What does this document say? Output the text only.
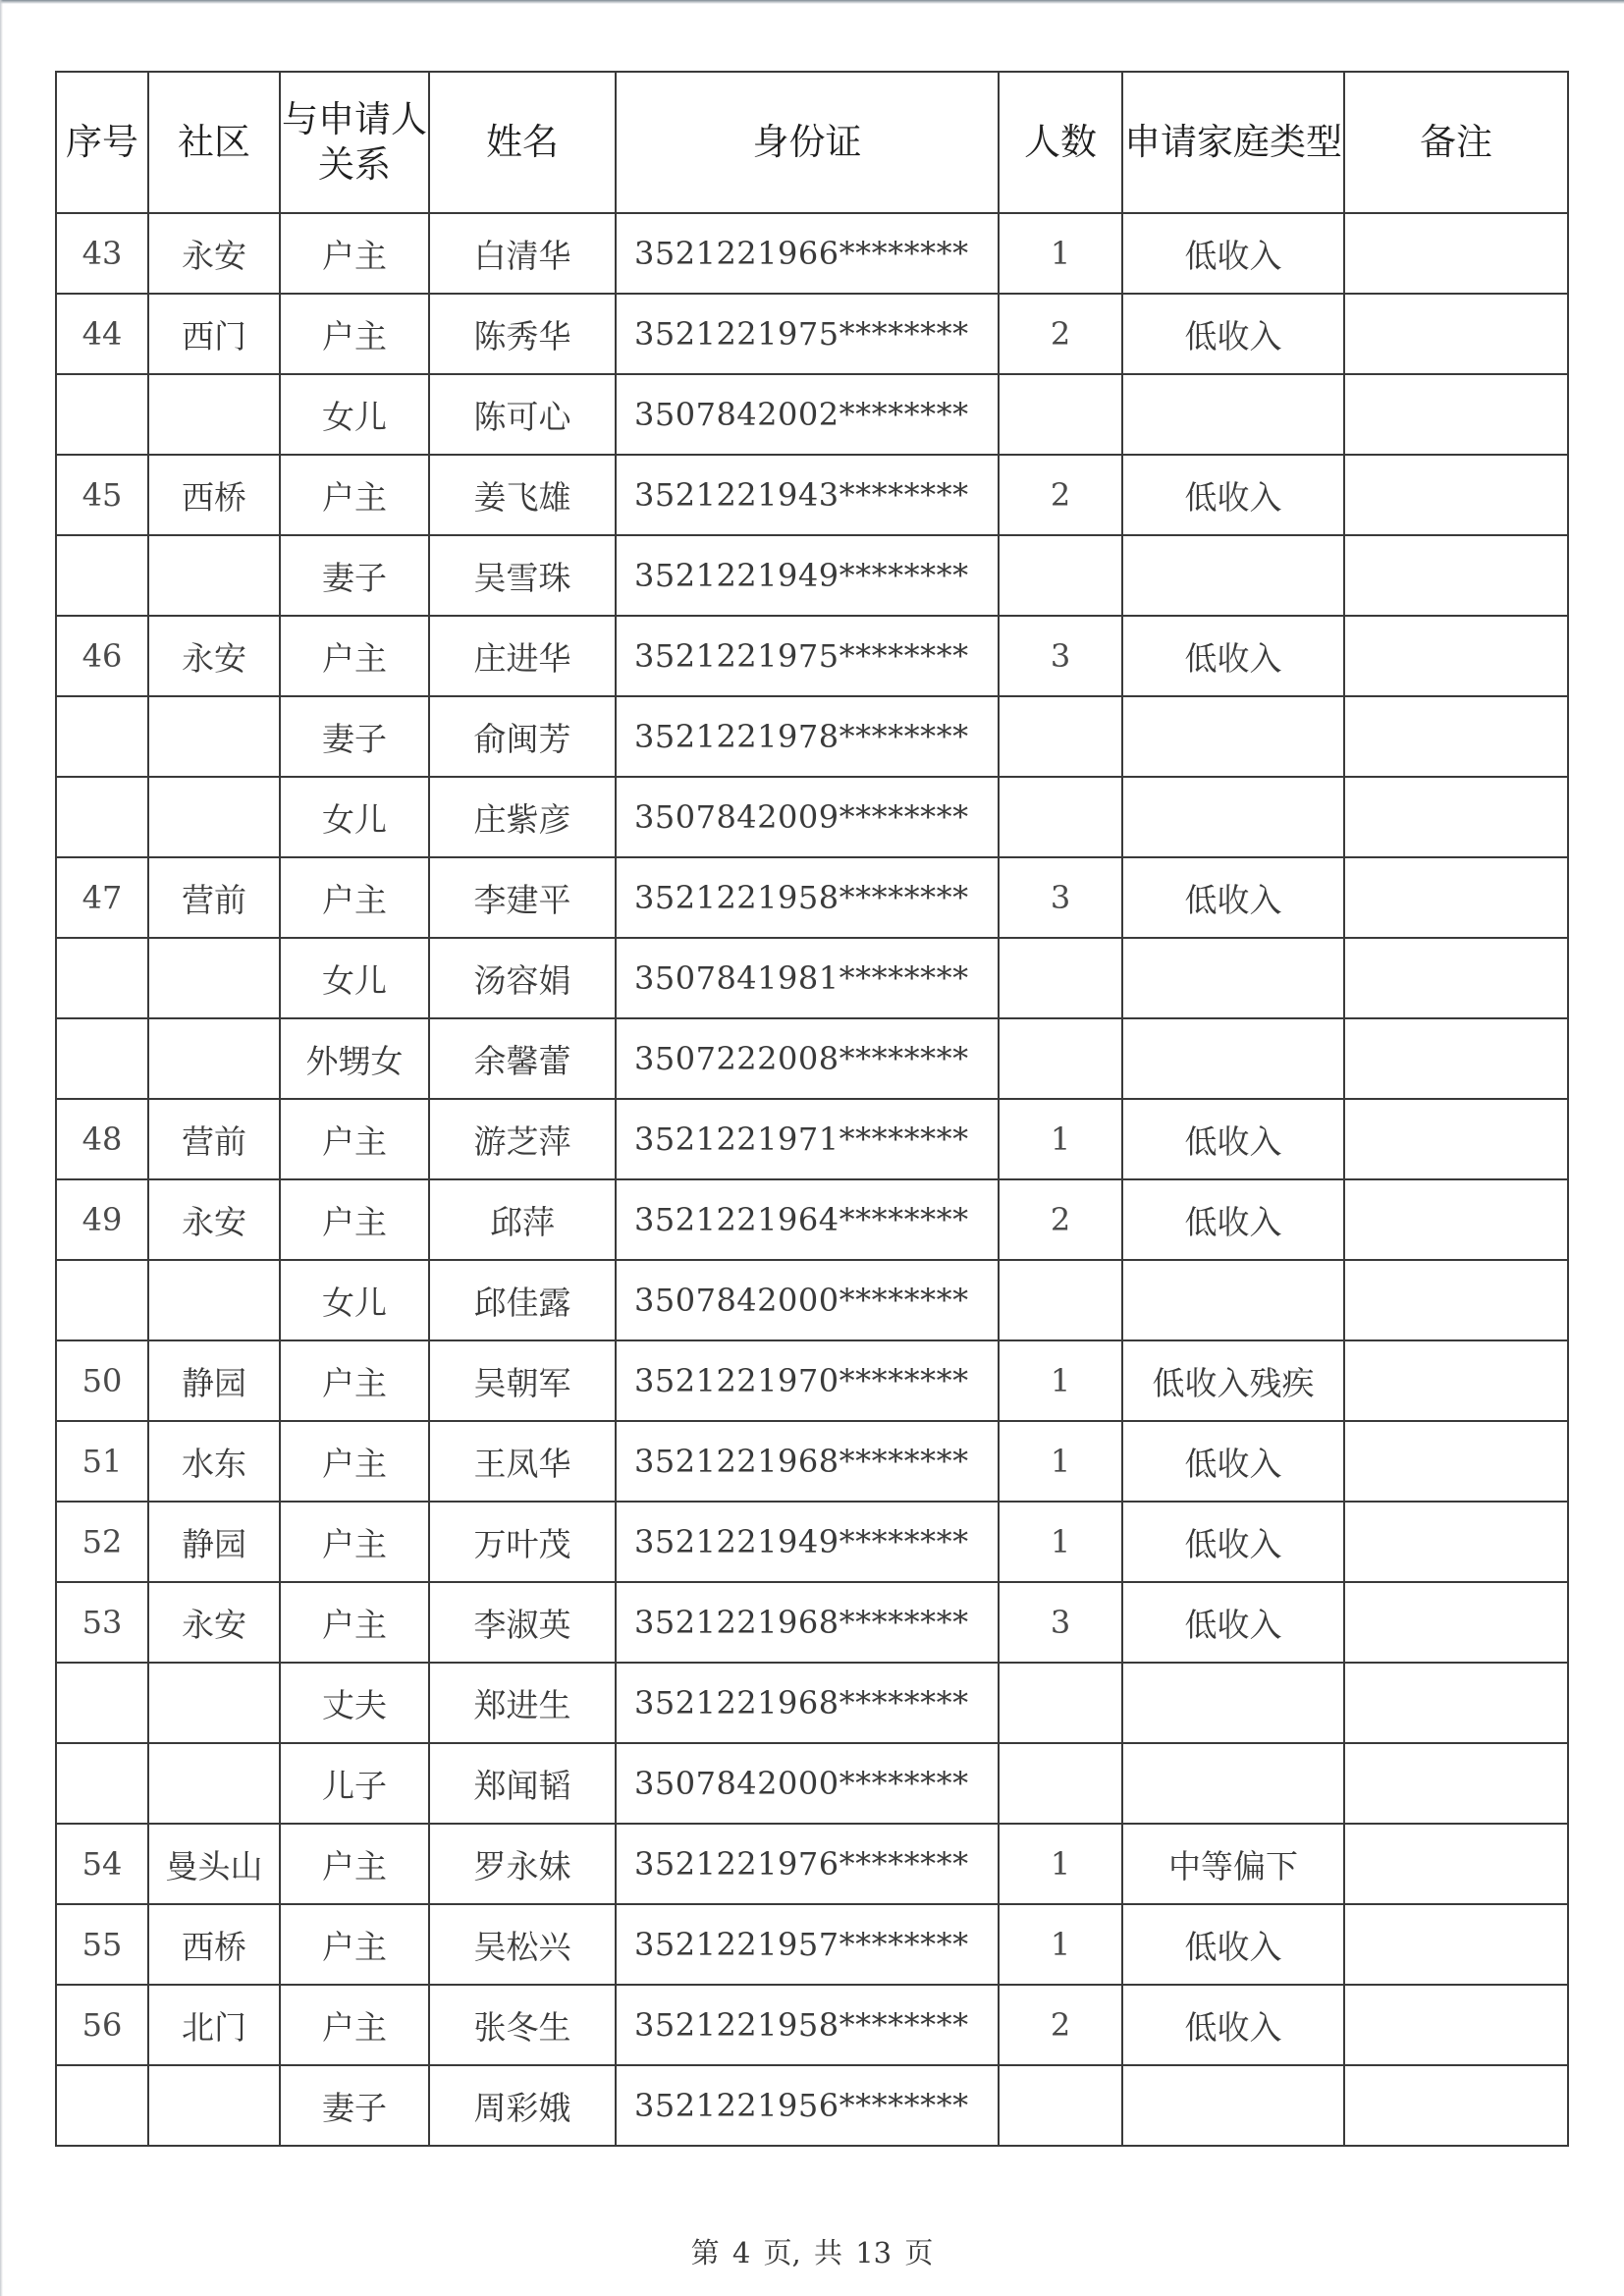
序号	社区	与申请人关系	姓名	身份证	人数	申请家庭类型	备注
43	永安	户主	白清华	3521221966********	1	低收入	
44	西门	户主	陈秀华	3521221975********	2	低收入	
		女儿	陈可心	3507842002********			
45	西桥	户主	姜飞雄	3521221943********	2	低收入	
		妻子	吴雪珠	3521221949********			
46	永安	户主	庄进华	3521221975********	3	低收入	
		妻子	俞闽芳	3521221978********			
		女儿	庄紫彦	3507842009********			
47	营前	户主	李建平	3521221958********	3	低收入	
		女儿	汤容娟	3507841981********			
		外甥女	余馨蕾	3507222008********			
48	营前	户主	游芝萍	3521221971********	1	低收入	
49	永安	户主	邱萍	3521221964********	2	低收入	
		女儿	邱佳露	3507842000********			
50	静园	户主	吴朝军	3521221970********	1	低收入残疾	
51	水东	户主	王凤华	3521221968********	1	低收入	
52	静园	户主	万叶茂	3521221949********	1	低收入	
53	永安	户主	李淑英	3521221968********	3	低收入	
		丈夫	郑进生	3521221968********			
		儿子	郑闻韬	3507842000********			
54	曼头山	户主	罗永妹	3521221976********	1	中等偏下	
55	西桥	户主	吴松兴	3521221957********	1	低收入	
56	北门	户主	张冬生	3521221958********	2	低收入	
		妻子	周彩娥	3521221956********			
第 4 页, 共 13 页
